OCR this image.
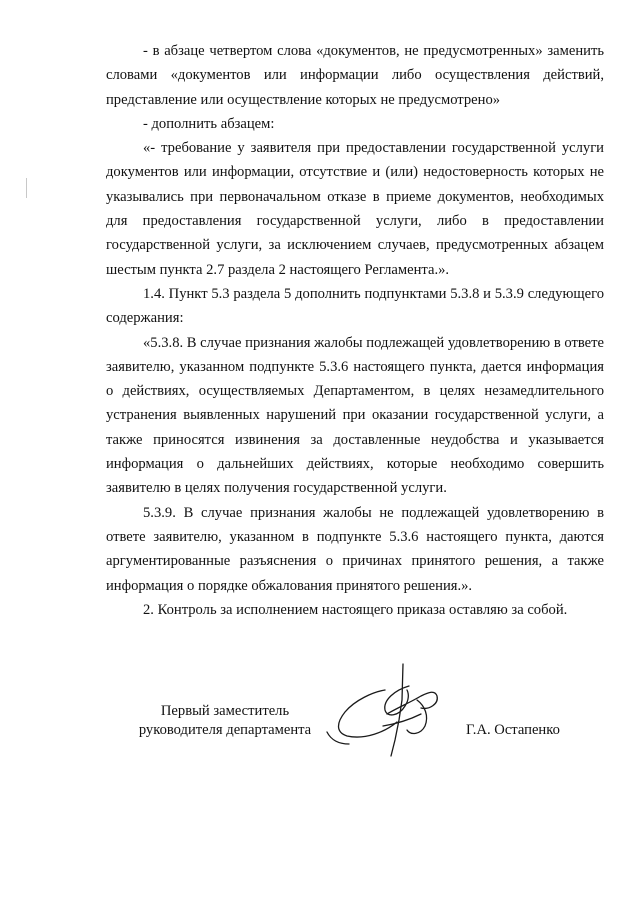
- в абзаце четвертом слова «документов, не предусмотренных» заменить словами «документов или информации либо осуществления действий, представление или осуществление которых не предусмотрено»

- дополнить абзацем:

«- требование у заявителя при предоставлении государственной услуги документов или информации, отсутствие и (или) недостоверность которых не указывались при первоначальном отказе в приеме документов, необходимых для предоставления государственной услуги, либо в предоставлении государственной услуги, за исключением случаев, предусмотренных абзацем шестым пункта 2.7 раздела 2 настоящего Регламента.».

1.4. Пункт 5.3 раздела 5 дополнить подпунктами 5.3.8 и 5.3.9 следующего содержания:

«5.3.8. В случае признания жалобы подлежащей удовлетворению в ответе заявителю, указанном подпункте 5.3.6 настоящего пункта, дается информация о действиях, осуществляемых Департаментом, в целях незамедлительного устранения выявленных нарушений при оказании государственной услуги, а также приносятся извинения за доставленные неудобства и указывается информация о дальнейших действиях, которые необходимо совершить заявителю в целях получения государственной услуги.

5.3.9. В случае признания жалобы не подлежащей удовлетворению в ответе заявителю, указанном в подпункте 5.3.6 настоящего пункта, даются аргументированные разъяснения о причинах принятого решения, а также информация о порядке обжалования принятого решения.».

2. Контроль за исполнением настоящего приказа оставляю за собой.

Первый заместитель
руководителя департамента	Г.А. Остапенко
